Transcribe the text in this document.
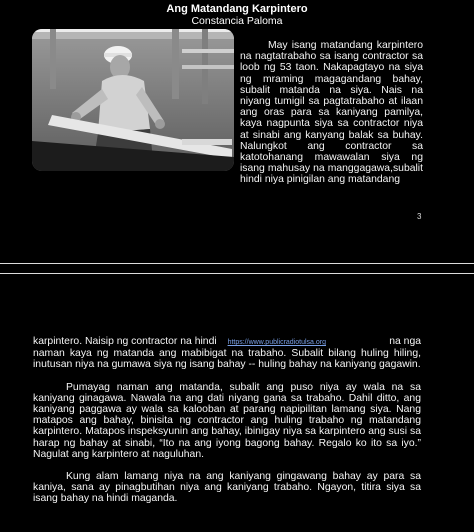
Ang Matandang Karpintero
Constancia Paloma

May isang matandang karpintero na nagtatrabaho sa isang contractor sa loob ng 53 taon. Nakapagtayo na siya ng mraming magagandang bahay, subalit matanda na siya. Nais na niyang tumigil sa pagtatrabaho at ilaan ang oras para sa kaniyang pamilya, kaya nagpunta siya sa contractor niya at sinabi ang kanyang balak sa buhay. Nalungkot ang contractor sa katotohanang mawawalan siya ng isang mahusay na manggagawa,subalit hindi niya pinigilan ang matandang

3

karpintero. Naisip ng contractor na hindi https://www.publicradiotulsa.org	na nga
naman kaya ng matanda ang mabibigat na trabaho. Subalit bilang huling hiling, inutusan niya na gumawa siya ng isang bahay -- huling bahay na kaniyang gagawin.

Pumayag naman ang matanda, subalit ang puso niya ay wala na sa kaniyang ginagawa. Nawala na ang dati niyang gana sa trabaho. Dahil ditto, ang kaniyang paggawa ay wala sa kalooban at parang napipilitan lamang siya. Nang matapos ang bahay, binisita ng contractor ang huling trabaho ng matandang karpintero. Matapos inspeksyunin ang bahay, ibinigay niya sa karpintero ang susi sa harap ng bahay at sinabi, “Ito na ang iyong bagong bahay. Regalo ko ito sa iyo.” Nagulat ang karpintero at naguluhan.

Kung alam lamang niya na ang kaniyang gingawang bahay ay para sa kaniya, sana ay pinagbutihan niya ang kaniyang trabaho. Ngayon, titira siya sa isang bahay na hindi maganda.
